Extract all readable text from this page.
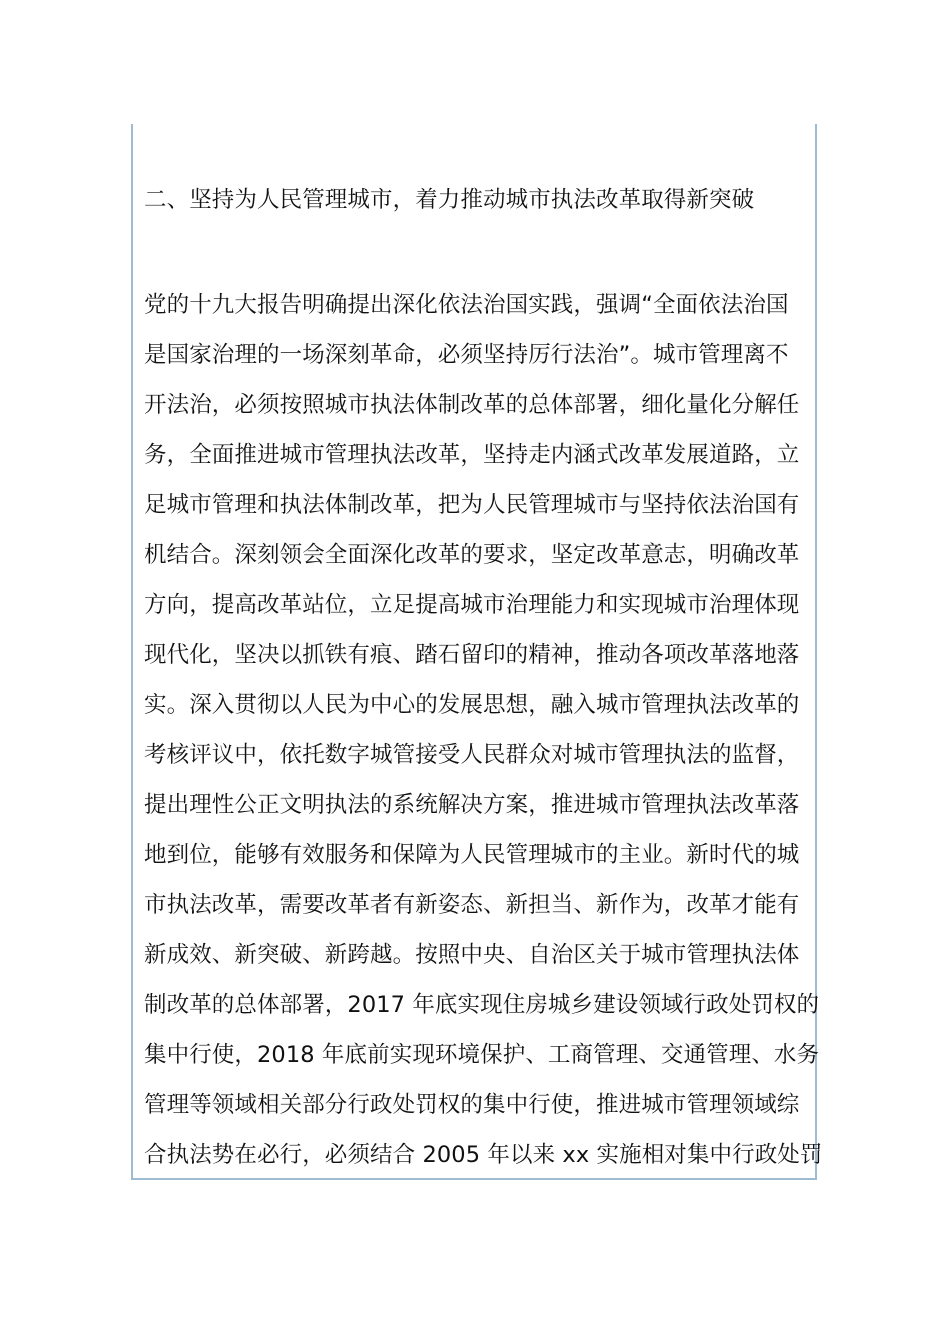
二、坚持为人民管理城市，着力推动城市执法改革取得新突破
党的十九大报告明确提出深化依法治国实践，强调“全面依法治国
是国家治理的一场深刻革命，必须坚持厉行法治”。城市管理离不
开法治，必须按照城市执法体制改革的总体部署，细化量化分解任
务，全面推进城市管理执法改革，坚持走内涵式改革发展道路，立
足城市管理和执法体制改革，把为人民管理城市与坚持依法治国有
机结合。深刻领会全面深化改革的要求，坚定改革意志，明确改革
方向，提高改革站位，立足提高城市治理能力和实现城市治理体现
现代化，坚决以抓铁有痕、踏石留印的精神，推动各项改革落地落
实。深入贯彻以人民为中心的发展思想，融入城市管理执法改革的
考核评议中，依托数字城管接受人民群众对城市管理执法的监督，
提出理性公正文明执法的系统解决方案，推进城市管理执法改革落
地到位，能够有效服务和保障为人民管理城市的主业。新时代的城
市执法改革，需要改革者有新姿态、新担当、新作为，改革才能有
新成效、新突破、新跨越。按照中央、自治区关于城市管理执法体
制改革的总体部署，2017 年底实现住房城乡建设领域行政处罚权的
集中行使，2018 年底前实现环境保护、工商管理、交通管理、水务
管理等领域相关部分行政处罚权的集中行使，推进城市管理领域综
合执法势在必行，必须结合 2005 年以来 xx 实施相对集中行政处罚
